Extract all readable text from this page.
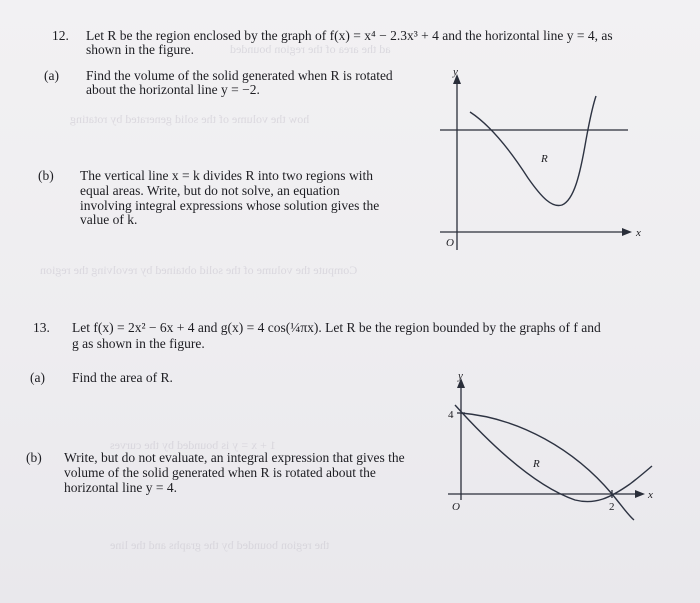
ad the area of the region bounded
how the volume of the solid generated by rotating
Compute the volume of the solid obtained by revolving the region
1 + x = y is bounded by the curves
the region bounded by the graphs and the line
12. Let R be the region enclosed by the graph of f(x) = x⁴ − 2.3x³ + 4 and the horizontal line y = 4, as
shown in the figure.
(a) Find the volume of the solid generated when R is rotated
about the horizontal line y = −2.
(b) The vertical line x = k divides R into two regions with
equal areas. Write, but do not solve, an equation
involving integral expressions whose solution gives the
value of k.
y
x
O
R
13. Let f(x) = 2x² − 6x + 4 and g(x) = 4 cos(¼πx). Let R be the region bounded by the graphs of f and
g as shown in the figure.
(a) Find the area of R.
(b) Write, but do not evaluate, an integral expression that gives the
volume of the solid generated when R is rotated about the
horizontal line y = 4.
y
x
O
4
2
R
